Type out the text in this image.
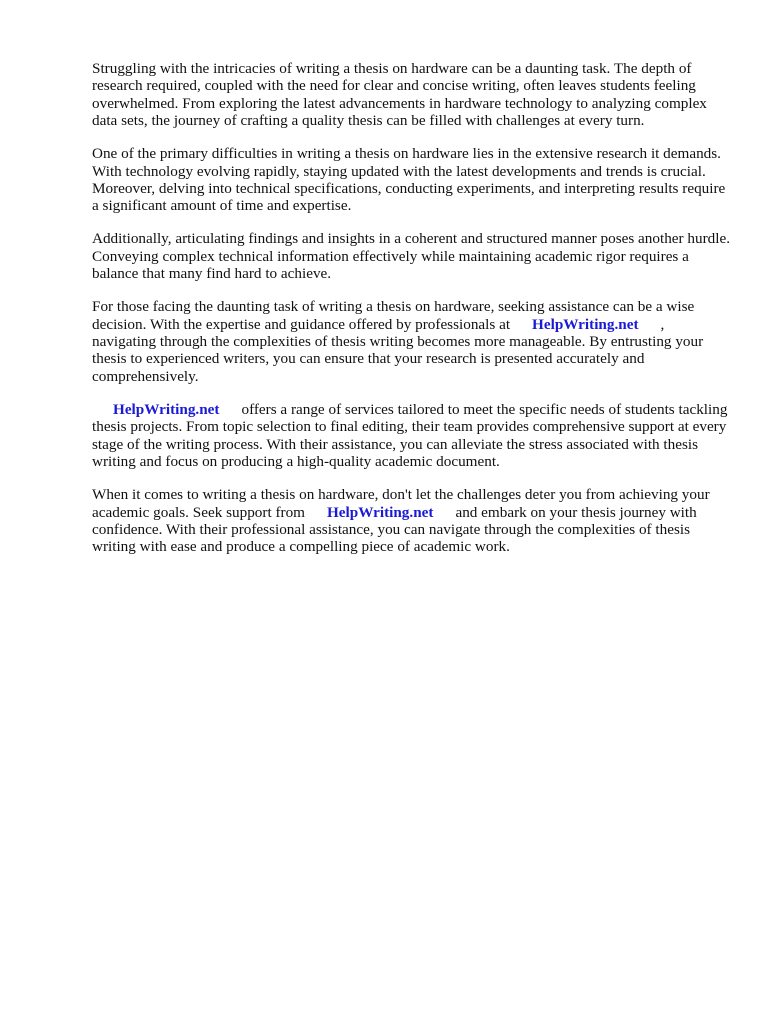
Struggling with the intricacies of writing a thesis on hardware can be a daunting task. The depth of research required, coupled with the need for clear and concise writing, often leaves students feeling overwhelmed. From exploring the latest advancements in hardware technology to analyzing complex data sets, the journey of crafting a quality thesis can be filled with challenges at every turn.

One of the primary difficulties in writing a thesis on hardware lies in the extensive research it demands. With technology evolving rapidly, staying updated with the latest developments and trends is crucial. Moreover, delving into technical specifications, conducting experiments, and interpreting results require a significant amount of time and expertise.

Additionally, articulating findings and insights in a coherent and structured manner poses another hurdle. Conveying complex technical information effectively while maintaining academic rigor requires a balance that many find hard to achieve.

For those facing the daunting task of writing a thesis on hardware, seeking assistance can be a wise decision. With the expertise and guidance offered by professionals at HelpWriting.net , navigating through the complexities of thesis writing becomes more manageable. By entrusting your thesis to experienced writers, you can ensure that your research is presented accurately and comprehensively.

HelpWriting.net offers a range of services tailored to meet the specific needs of students tackling thesis projects. From topic selection to final editing, their team provides comprehensive support at every stage of the writing process. With their assistance, you can alleviate the stress associated with thesis writing and focus on producing a high-quality academic document.

When it comes to writing a thesis on hardware, don't let the challenges deter you from achieving your academic goals. Seek support from HelpWriting.net and embark on your thesis journey with confidence. With their professional assistance, you can navigate through the complexities of thesis writing with ease and produce a compelling piece of academic work.
